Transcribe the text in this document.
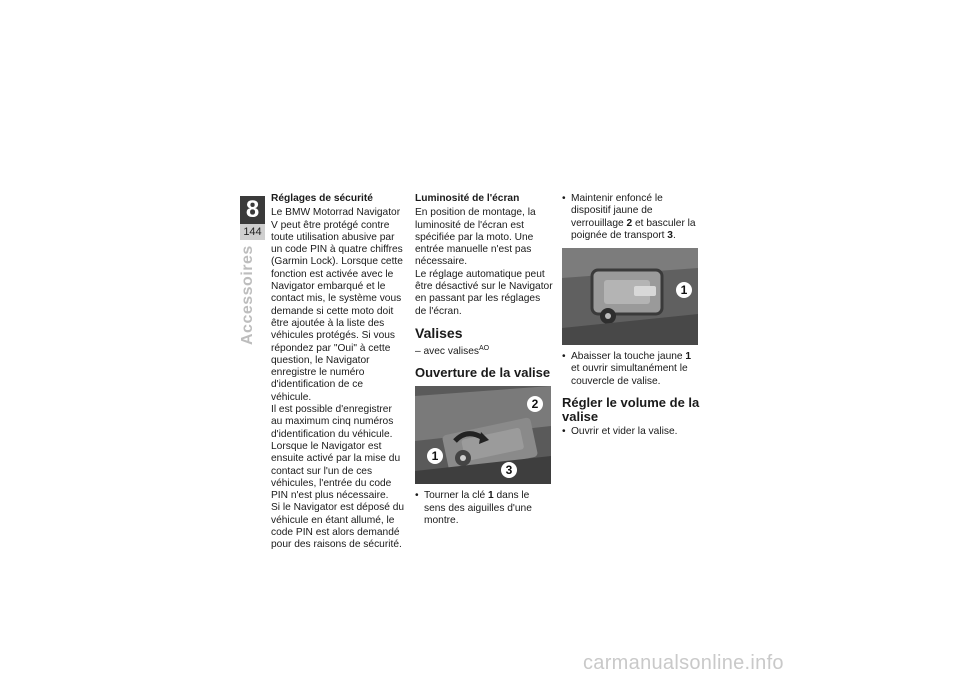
8
144
Accessoires
Réglages de sécurité

Le BMW Motorrad Navigator V peut être protégé contre toute utilisation abusive par un code PIN à quatre chiffres (Garmin Lock). Lorsque cette fonction est activée avec le Navigator embarqué et le contact mis, le système vous demande si cette moto doit être ajoutée à la liste des véhicules protégés. Si vous répondez par "Oui" à cette question, le Navigator enregistre le numéro d'identification de ce véhicule.

Il est possible d'enregistrer au maximum cinq numéros d'identification du véhicule.

Lorsque le Navigator est ensuite activé par la mise du contact sur l'un de ces véhicules, l'entrée du code PIN n'est plus nécessaire.

Si le Navigator est déposé du véhicule en étant allumé, le code PIN est alors demandé pour des raisons de sécurité.

Luminosité de l'écran

En position de montage, la luminosité de l'écran est spécifiée par la moto. Une entrée manuelle n'est pas nécessaire.

Le réglage automatique peut être désactivé sur le Navigator en passant par les réglages de l'écran.

Valises

– avec valises$^{AO}$

Ouverture de la valise
1
2
3
• Tourner la clé 1 dans le sens des aiguilles d'une montre.
• Maintenir enfoncé le dispositif jaune de verrouillage 2 et basculer la poignée de transport 3.
1
• Abaisser la touche jaune 1 et ouvrir simultanément le couvercle de valise.
Régler le volume de la valise
• Ouvrir et vider la valise.
carmanualsonline.info
